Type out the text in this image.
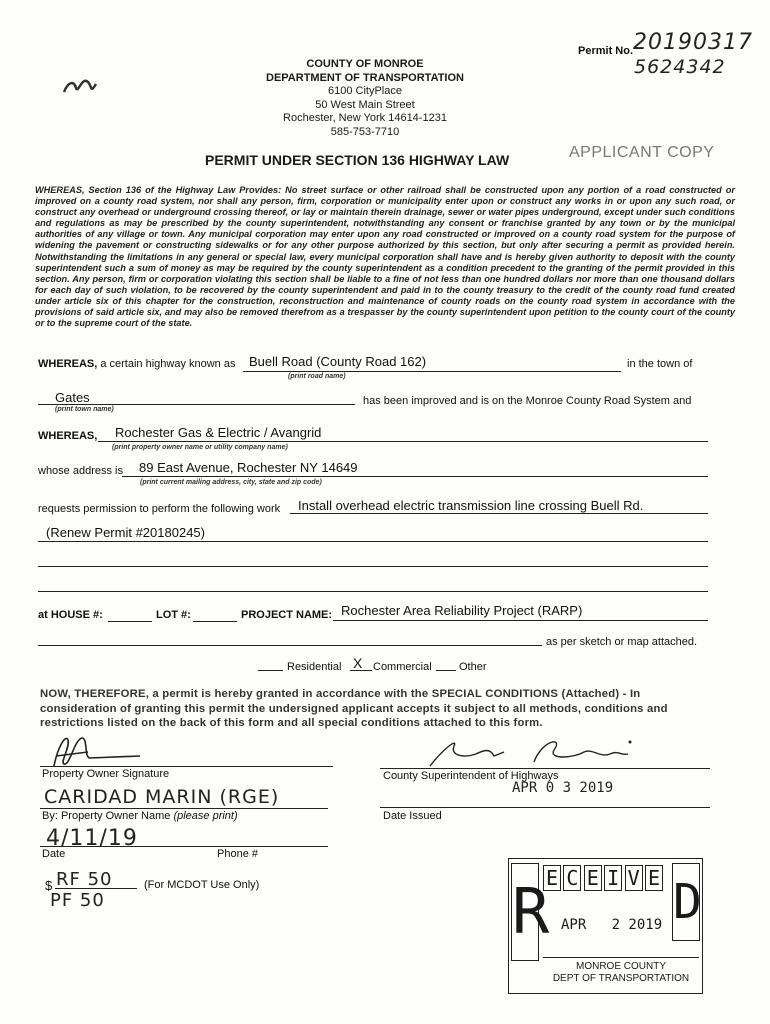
Permit No. 20190317
5624342
COUNTY OF MONROE
DEPARTMENT OF TRANSPORTATION
6100 CityPlace
50 West Main Street
Rochester, New York 14614-1231
585-753-7710
PERMIT UNDER SECTION 136 HIGHWAY LAW	APPLICANT COPY
WHEREAS, Section 136 of the Highway Law Provides: No street surface or other railroad shall be constructed upon any portion of a road constructed or improved on a county road system, nor shall any person, firm, corporation or municipality enter upon or construct any works in or upon any such road, or construct any overhead or underground crossing thereof, or lay or maintain therein drainage, sewer or water pipes underground, except under such conditions and regulations as may be prescribed by the county superintendent, notwithstanding any consent or franchise granted by any town or by the municipal authorities of any village or town. Any municipal corporation may enter upon any road constructed or improved on a county road system for the purpose of widening the pavement or constructing sidewalks or for any other purpose authorized by this section, but only after securing a permit as provided herein. Notwithstanding the limitations in any general or special law, every municipal corporation shall have and is hereby given authority to deposit with the county superintendent such a sum of money as may be required by the county superintendent as a condition precedent to the granting of the permit provided in this section. Any person, firm or corporation violating this section shall be liable to a fine of not less than one hundred dollars nor more than one thousand dollars for each day of such violation, to be recovered by the county superintendent and paid in to the county treasury to the credit of the county road fund created under article six of this chapter for the construction, reconstruction and maintenance of county roads on the county road system in accordance with the provisions of said article six, and may also be removed therefrom as a trespasser by the county superintendent upon petition to the county court of the county or to the supreme court of the state.
WHEREAS, a certain highway known as Buell Road (County Road 162)
(print road name)
in the town of
Gates
(print town name)
has been improved and is on the Monroe County Road System and
WHEREAS, Rochester Gas & Electric / Avangrid
(print property owner name or utility company name)
whose address is 89 East Avenue, Rochester NY 14649
(print current mailing address, city, state and zip code)
requests permission to perform the following work Install overhead electric transmission line crossing Buell Rd.
(Renew Permit #20180245)
at HOUSE #:	LOT #:	PROJECT NAME: Rochester Area Reliability Project (RARP)
as per sketch or map attached.
Residential X Commercial Other
NOW, THEREFORE, a permit is hereby granted in accordance with the SPECIAL CONDITIONS (Attached) - In consideration of granting this permit the undersigned applicant accepts it subject to all methods, conditions and restrictions listed on the back of this form and all special conditions attached to this form.
Property Owner Signature	County Superintendent of Highways
CARIDAD MARIN (RGE)
By: Property Owner Name (please print)
APR 0 3 2019
Date Issued
4/11/19
Date	Phone #
$ RF 50
PF 50
(For MCDOT Use Only)	R
E C E I V E D
APR   2 2019
MONROE COUNTY
DEPT OF TRANSPORTATION
